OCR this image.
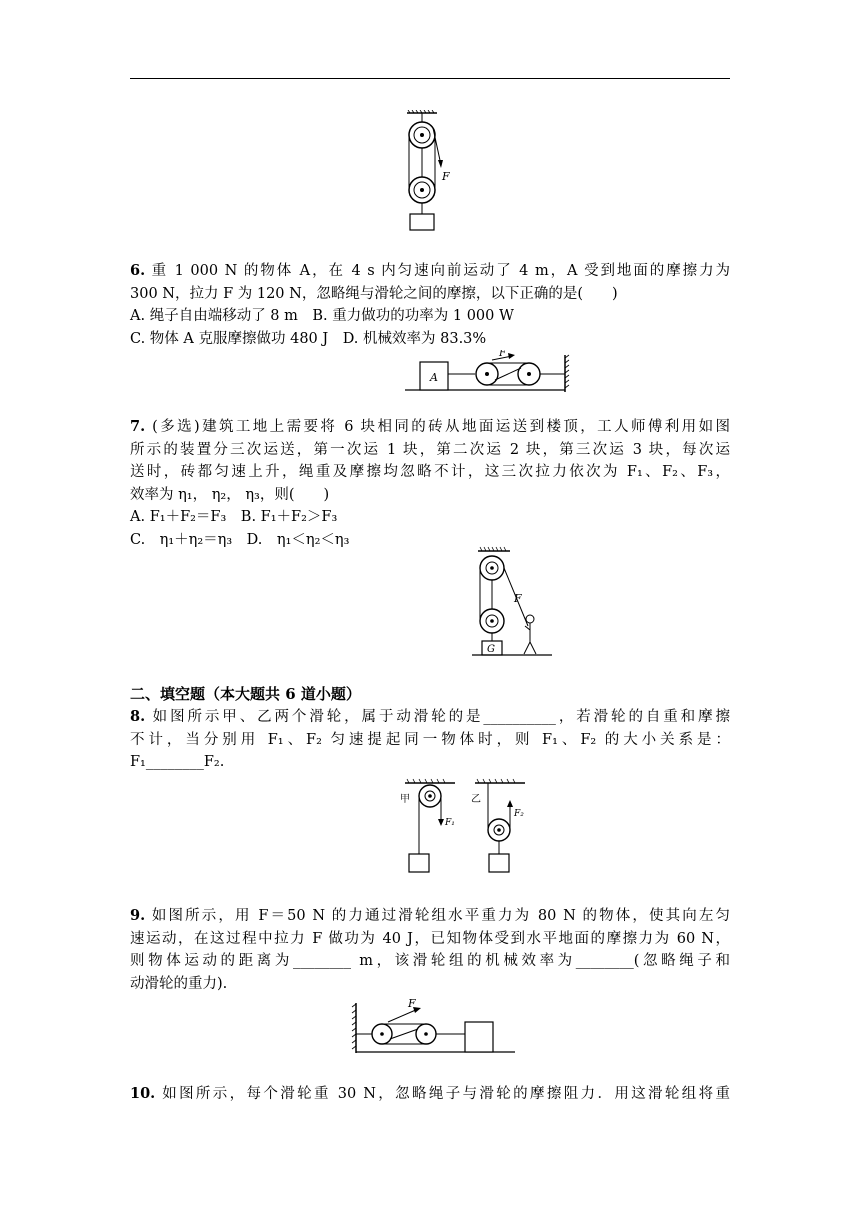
F
6. 重 1 000 N 的物体 A，在 4 s 内匀速向前运动了 4 m，A 受到地面的摩擦力为
300 N，拉力 F 为 120 N，忽略绳与滑轮之间的摩擦，以下正确的是(　　)
A. 绳子自由端移动了 8 m　B. 重力做功的功率为 1 000 W
C. 物体 A 克服摩擦做功 480 J　D. 机械效率为 83.3%
A
F
7. (多选)建筑工地上需要将 6 块相同的砖从地面运送到楼顶，工人师傅利用如图
所示的装置分三次运送，第一次运 1 块，第二次运 2 块，第三次运 3 块，每次运
送时，砖都匀速上升，绳重及摩擦均忽略不计，这三次拉力依次为 F₁、F₂、F₃，
效率为 η₁， η₂， η₃，则(　　)
A. F₁＋F₂＝F₃　B. F₁＋F₂＞F₃
C.　η₁＋η₂＝η₃　D.　η₁＜η₂＜η₃
F
G
二、填空题（本大题共 6 道小题）
8. 如图所示甲、乙两个滑轮，属于动滑轮的是__________，若滑轮的自重和摩擦
不计，当分别用 F₁、F₂ 匀速提起同一物体时，则 F₁、F₂ 的大小关系是：
F₁________F₂.
甲
F₁
乙
F₂
9. 如图所示，用 F＝50 N 的力通过滑轮组水平重力为 80 N 的物体，使其向左匀
速运动，在这过程中拉力 F 做功为 40 J，已知物体受到水平地面的摩擦力为 60 N，
则物体运动的距离为________ m，该滑轮组的机械效率为________(忽略绳子和
动滑轮的重力).
F
10. 如图所示，每个滑轮重 30 N，忽略绳子与滑轮的摩擦阻力．用这滑轮组将重
